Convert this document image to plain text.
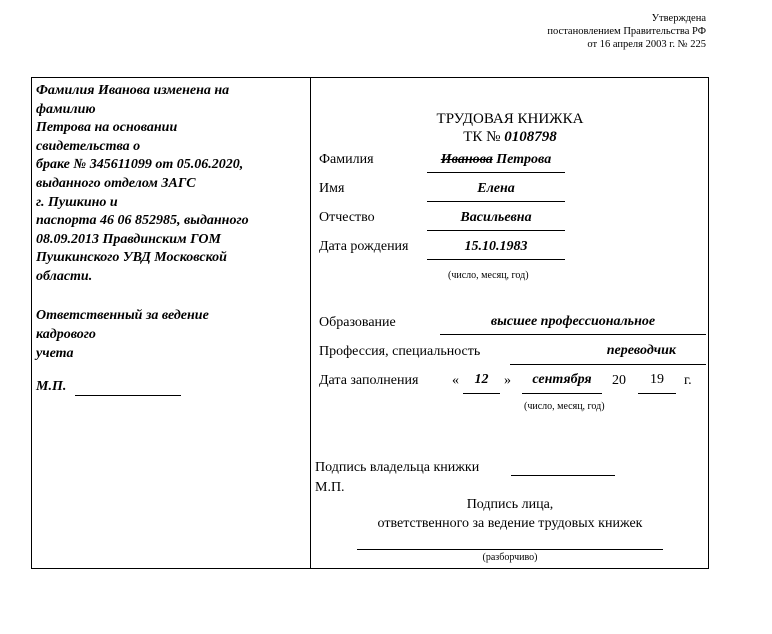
Утверждена
постановлением Правительства РФ
от 16 апреля 2003 г. № 225
Фамилия Иванова изменена на
фамилию
Петрова на основании
свидетельства о
браке № 345611099 от 05.06.2020,
выданного отделом ЗАГС
г. Пушкино и
паспорта 46 06 852985, выданного
08.09.2013 Правдинским ГОМ
Пушкинского УВД Московской
области.
Ответственный за ведение
кадрового
учета
М.П.
ТРУДОВАЯ КНИЖКА
ТК № 0108798
Фамилия	Иванова Петрова
Имя	Елена
Отчество	Васильевна
Дата рождения	15.10.1983
(число, месяц, год)
Образование	высшее профессиональное
Профессия, специальность	переводчик
Дата заполнения «	12	»	сентября	20	19	г.
(число, месяц, год)
Подпись владельца книжки
М.П.
Подпись лица,
ответственного за ведение трудовых книжек
(разборчиво)
